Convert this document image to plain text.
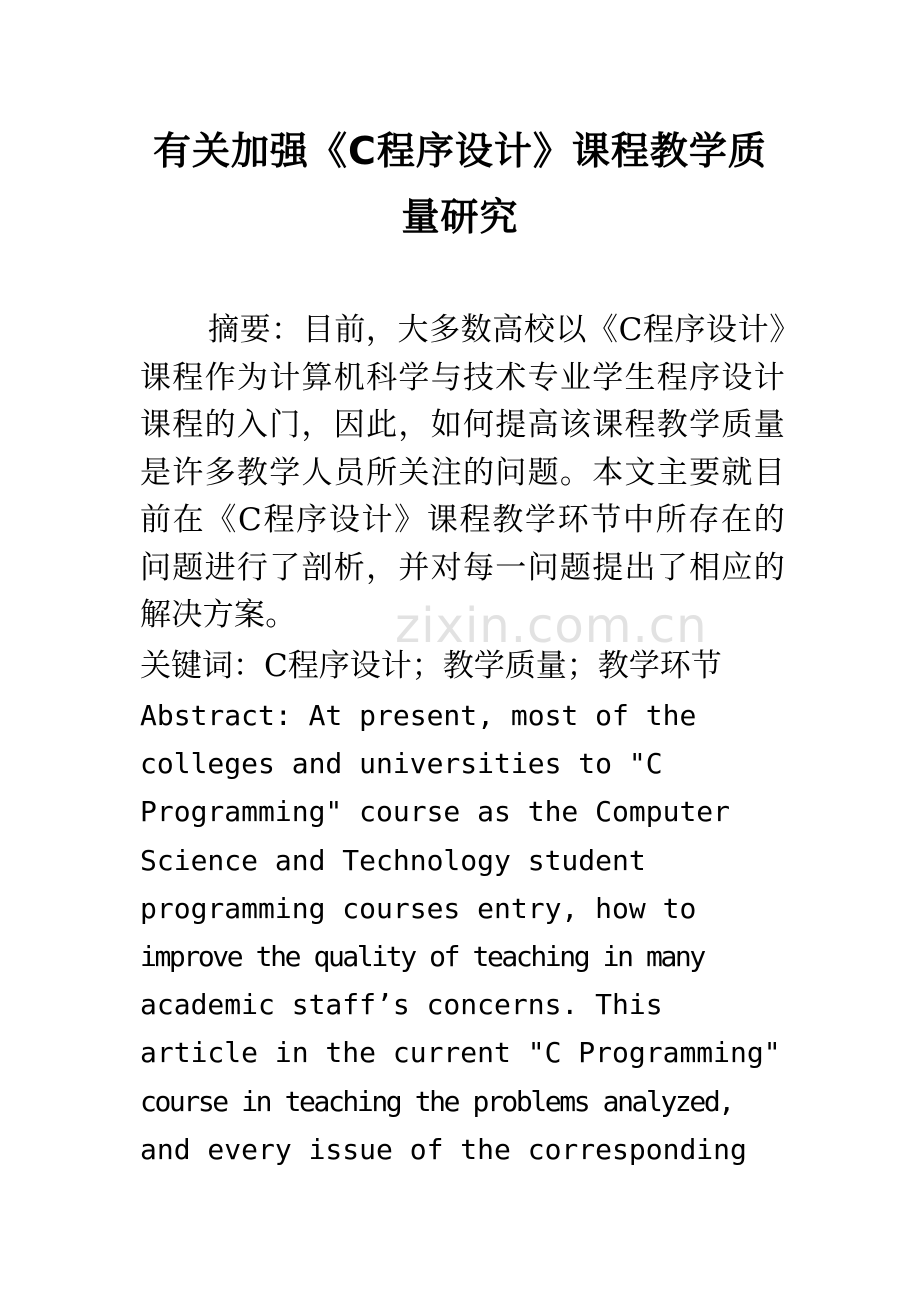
有关加强《C程序设计》课程教学质
量研究

摘要：目前，大多数高校以《C程序设计》课程作为计算机科学与技术专业学生程序设计课程的入门，因此，如何提高该课程教学质量是许多教学人员所关注的问题。本文主要就目前在《C程序设计》课程教学环节中所存在的问题进行了剖析，并对每一问题提出了相应的解决方案。

关键词：C程序设计；教学质量；教学环节

Abstract: At present, most of the
colleges and universities to "C
Programming" course as the Computer
Science and Technology student
programming courses entry, how to
improve the quality of teaching in many
academic staff’s concerns. This
article in the current "C Programming"
course in teaching the problems analyzed,
and every issue of the corresponding
zixin.com.cn
